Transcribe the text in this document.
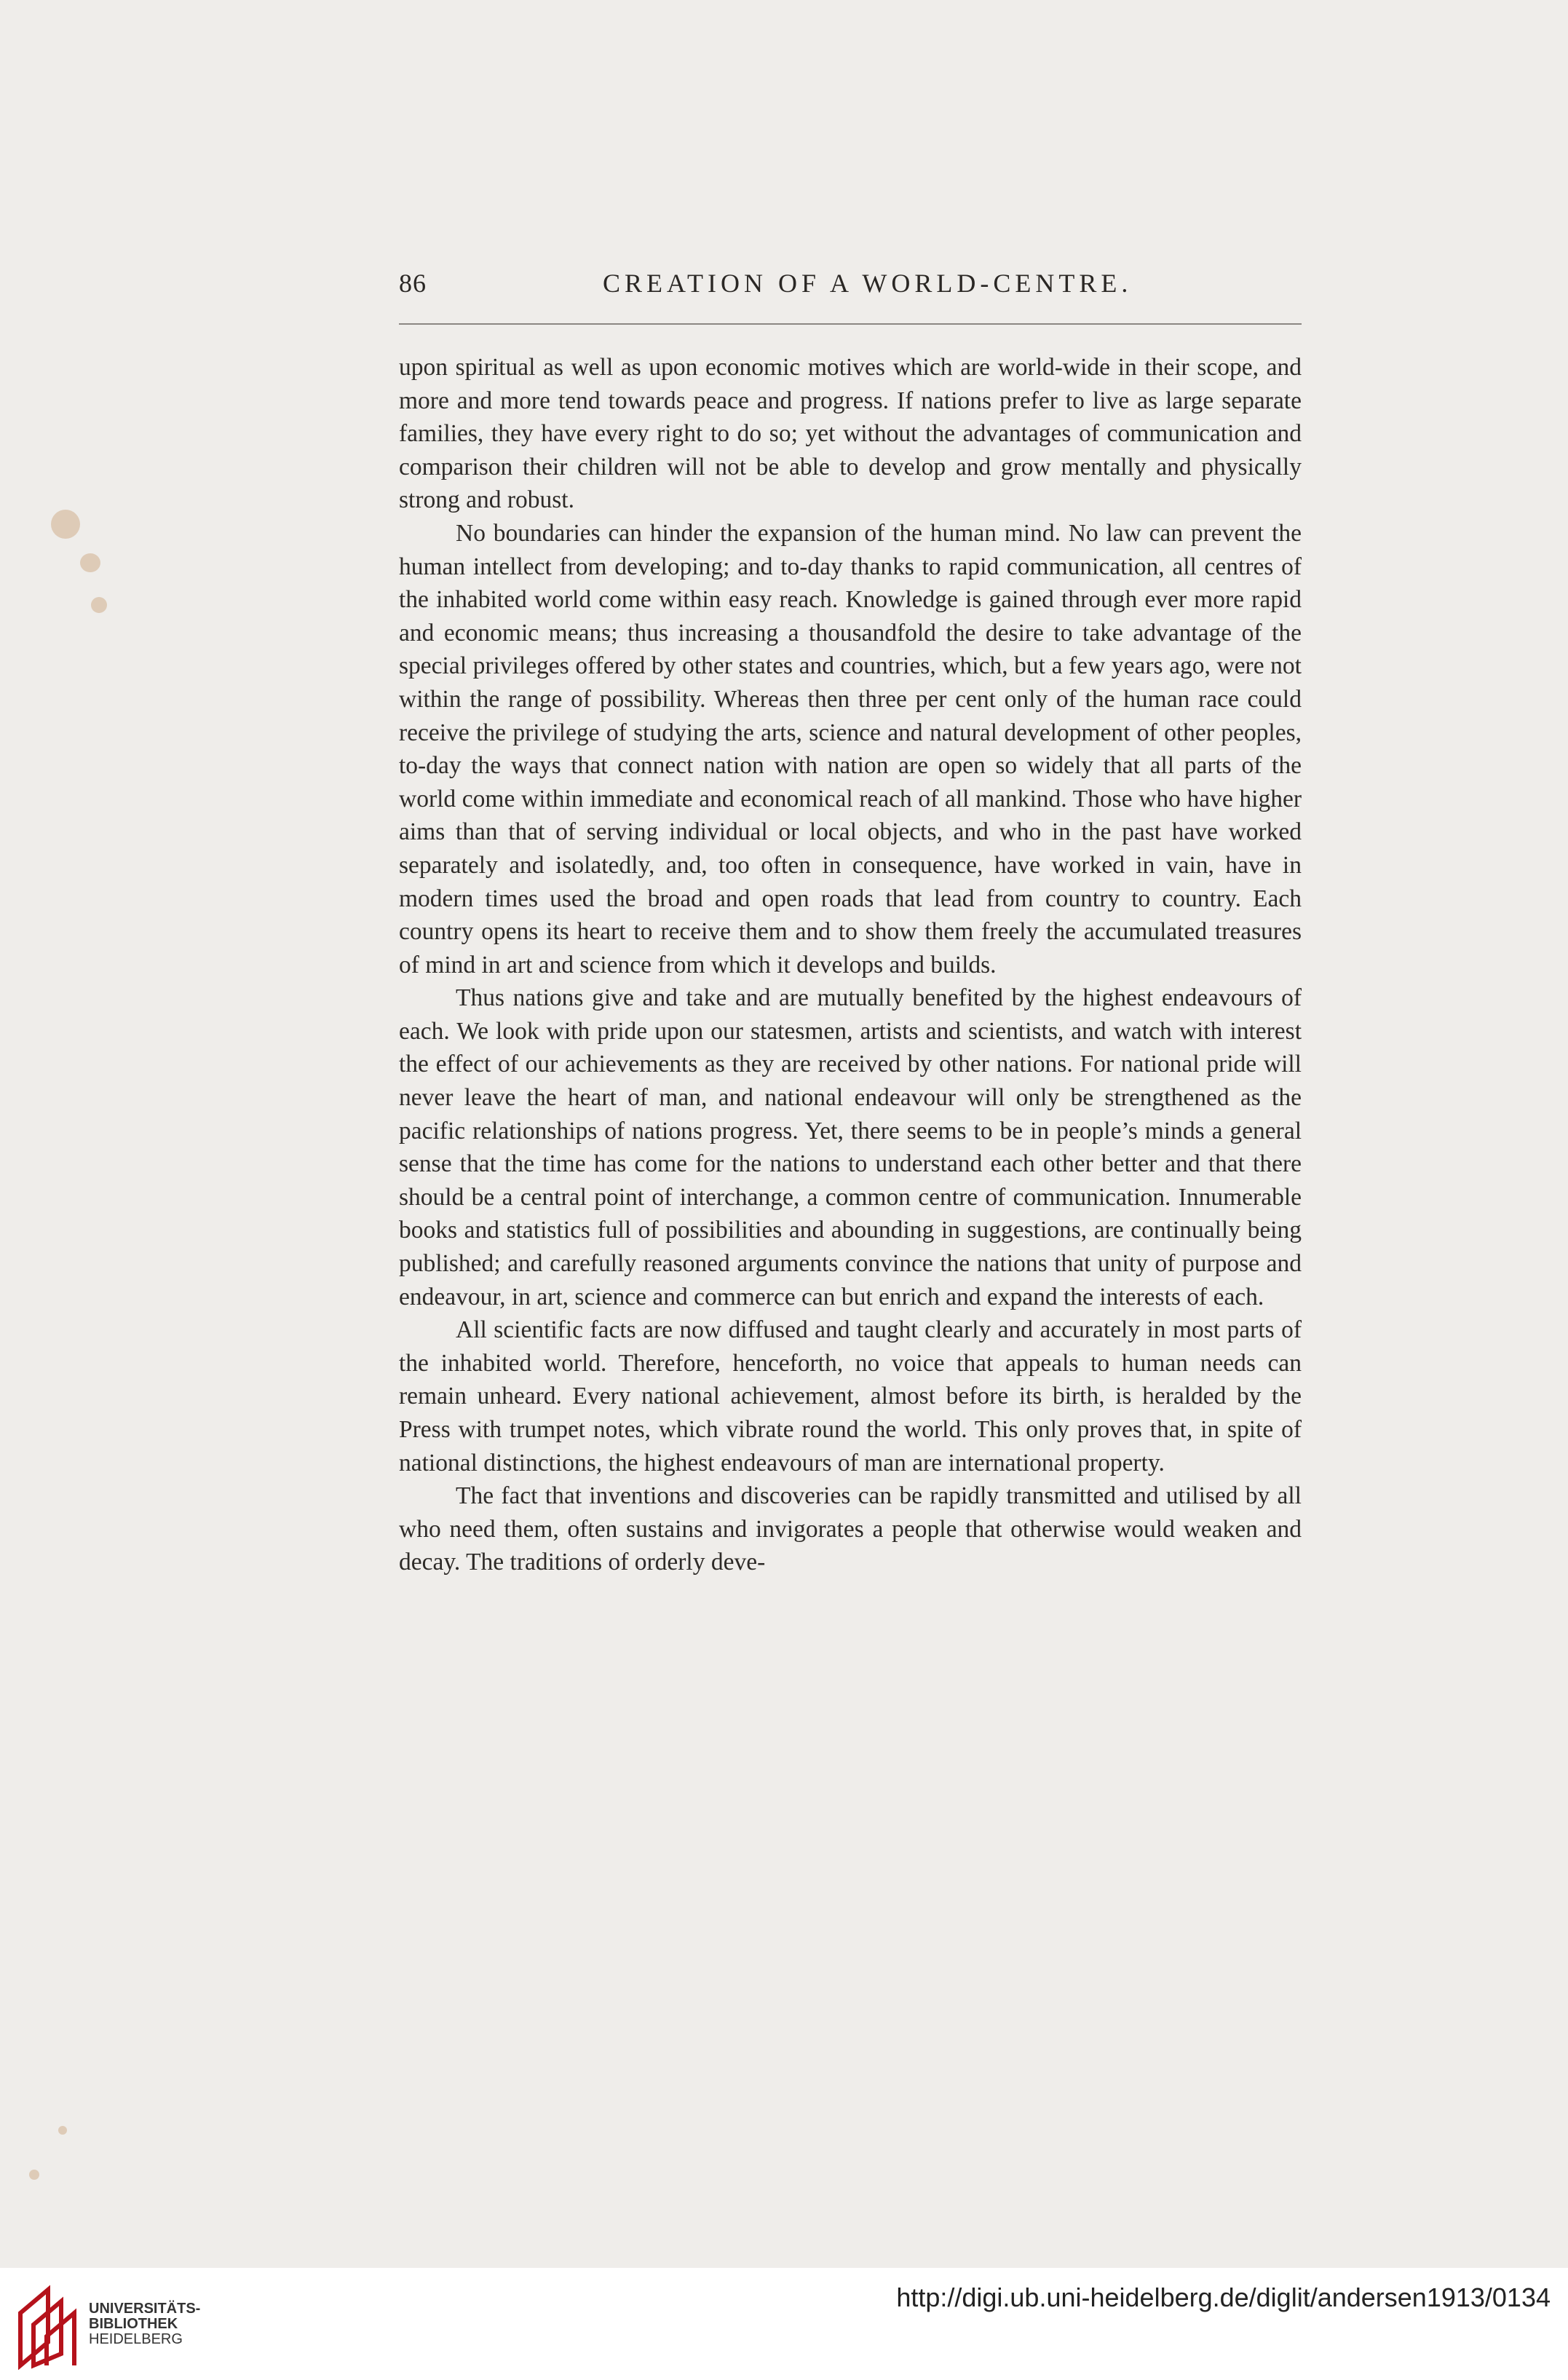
86	CREATION OF A WORLD-CENTRE.

upon spiritual as well as upon economic motives which are world-wide in their scope, and more and more tend towards peace and progress. If nations prefer to live as large separate families, they have every right to do so; yet without the advantages of communication and comparison their children will not be able to develop and grow mentally and physically strong and robust.

No boundaries can hinder the expansion of the human mind. No law can prevent the human intellect from developing; and to-day thanks to rapid communication, all centres of the inhabited world come within easy reach. Knowledge is gained through ever more rapid and economic means; thus increasing a thousandfold the desire to take advantage of the special privileges offered by other states and countries, which, but a few years ago, were not within the range of possibility. Whereas then three per cent only of the human race could receive the privilege of studying the arts, science and natural development of other peoples, to-day the ways that connect nation with nation are open so widely that all parts of the world come within immediate and economical reach of all mankind. Those who have higher aims than that of serving individual or local objects, and who in the past have worked separately and isolatedly, and, too often in consequence, have worked in vain, have in modern times used the broad and open roads that lead from country to country. Each country opens its heart to receive them and to show them freely the accumulated treasures of mind in art and science from which it develops and builds.

Thus nations give and take and are mutually benefited by the highest endeavours of each. We look with pride upon our statesmen, artists and scientists, and watch with interest the effect of our achievements as they are received by other nations. For national pride will never leave the heart of man, and national endeavour will only be strengthened as the pacific relationships of nations progress. Yet, there seems to be in people’s minds a general sense that the time has come for the nations to understand each other better and that there should be a central point of interchange, a common centre of communication. Innumerable books and statistics full of possibilities and abounding in suggestions, are continually being published; and carefully reasoned arguments convince the nations that unity of purpose and endeavour, in art, science and commerce can but enrich and expand the interests of each.

All scientific facts are now diffused and taught clearly and accurately in most parts of the inhabited world. Therefore, henceforth, no voice that appeals to human needs can remain unheard. Every national achievement, almost before its birth, is heralded by the Press with trumpet notes, which vibrate round the world. This only proves that, in spite of national distinctions, the highest endeavours of man are international property.

The fact that inventions and discoveries can be rapidly transmitted and utilised by all who need them, often sustains and invigorates a people that otherwise would weaken and decay. The traditions of orderly deve-

UNIVERSITÄTS-
BIBLIOTHEK
HEIDELBERG
http://digi.ub.uni-heidelberg.de/diglit/andersen1913/0134
